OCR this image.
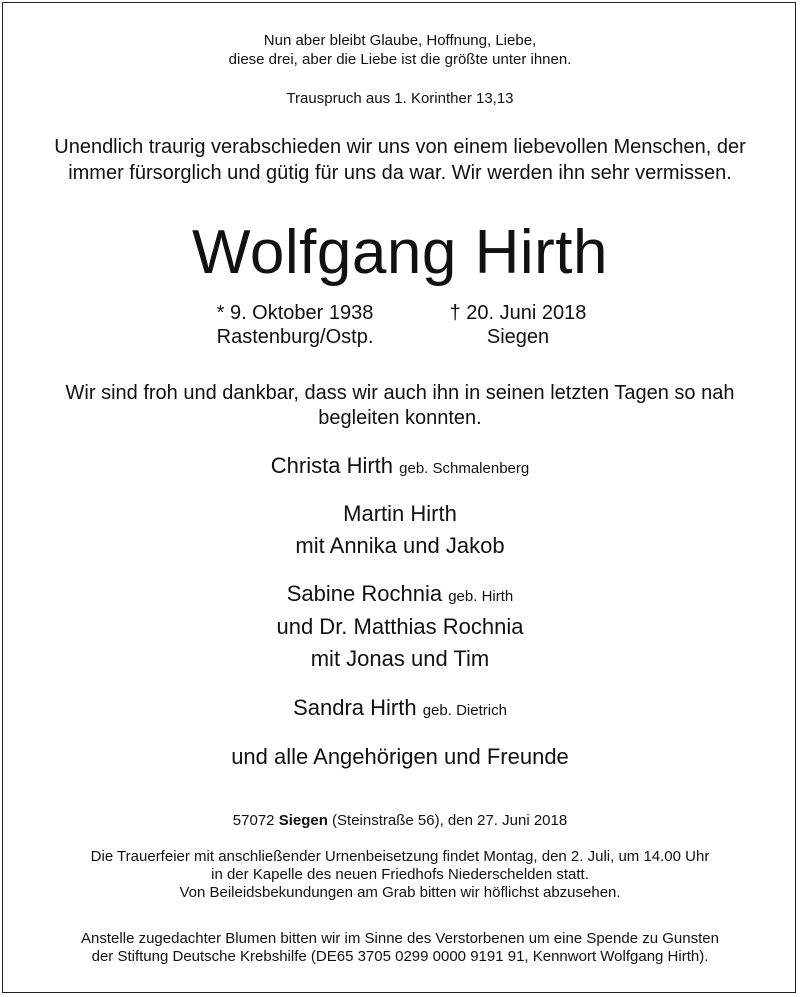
Nun aber bleibt Glaube, Hoffnung, Liebe,
diese drei, aber die Liebe ist die größte unter ihnen.
Trauspruch aus 1. Korinther 13,13
Unendlich traurig verabschieden wir uns von einem liebevollen Menschen, der
immer fürsorglich und gütig für uns da war. Wir werden ihn sehr vermissen.
Wolfgang Hirth
* 9. Oktober 1938
Rastenburg/Ostp.
† 20. Juni 2018
Siegen
Wir sind froh und dankbar, dass wir auch ihn in seinen letzten Tagen so nah
begleiten konnten.
Christa Hirth geb. Schmalenberg
Martin Hirth
mit Annika und Jakob
Sabine Rochnia geb. Hirth
und Dr. Matthias Rochnia
mit Jonas und Tim
Sandra Hirth geb. Dietrich
und alle Angehörigen und Freunde
57072 Siegen (Steinstraße 56), den 27. Juni 2018
Die Trauerfeier mit anschließender Urnenbeisetzung findet Montag, den 2. Juli, um 14.00 Uhr
in der Kapelle des neuen Friedhofs Niederschelden statt.
Von Beileidsbekundungen am Grab bitten wir höflichst abzusehen.
Anstelle zugedachter Blumen bitten wir im Sinne des Verstorbenen um eine Spende zu Gunsten
der Stiftung Deutsche Krebshilfe (DE65 3705 0299 0000 9191 91, Kennwort Wolfgang Hirth).
